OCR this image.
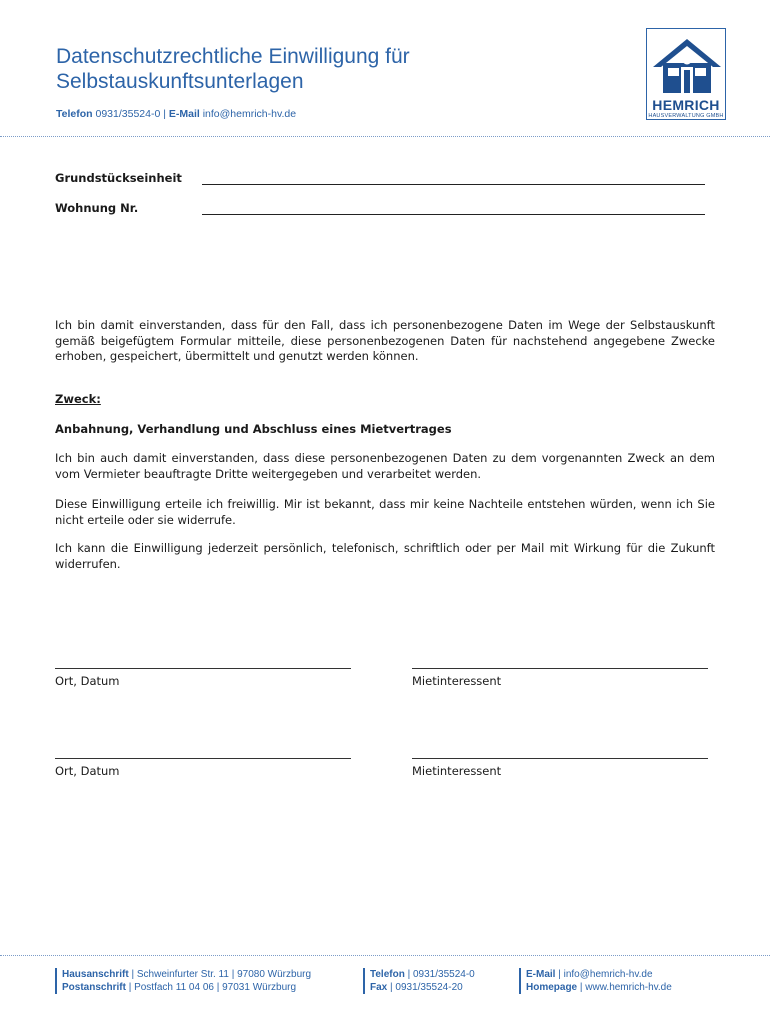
Datenschutzrechtliche Einwilligung für
Selbstauskunftsunterlagen
Telefon 0931/35524-0 | E-Mail info@hemrich-hv.de
HEMRICH
HAUSVERWALTUNG GMBH
Grundstückseinheit
Wohnung Nr.
Ich bin damit einverstanden, dass für den Fall, dass ich personenbezogene Daten im Wege der Selbstauskunft gemäß beigefügtem Formular mitteile, diese personenbezogenen Daten für nachstehend angegebene Zwecke erhoben, gespeichert, übermittelt und genutzt werden können.
Zweck:
Anbahnung, Verhandlung und Abschluss eines Mietvertrages
Ich bin auch damit einverstanden, dass diese personenbezogenen Daten zu dem vorgenannten Zweck an dem vom Vermieter beauftragte Dritte weitergegeben und verarbeitet werden.
Diese Einwilligung erteile ich freiwillig. Mir ist bekannt, dass mir keine Nachteile entstehen würden, wenn ich Sie nicht erteile oder sie widerrufe.
Ich kann die Einwilligung jederzeit persönlich, telefonisch, schriftlich oder per Mail mit Wirkung für die Zukunft widerrufen.
Ort, Datum	Mietinteressent
Ort, Datum	Mietinteressent
Hausanschrift | Schweinfurter Str. 11 | 97080 Würzburg
Postanschrift | Postfach 11 04 06 | 97031 Würzburg
Telefon | 0931/35524-0
Fax | 0931/35524-20
E-Mail | info@hemrich-hv.de
Homepage | www.hemrich-hv.de
